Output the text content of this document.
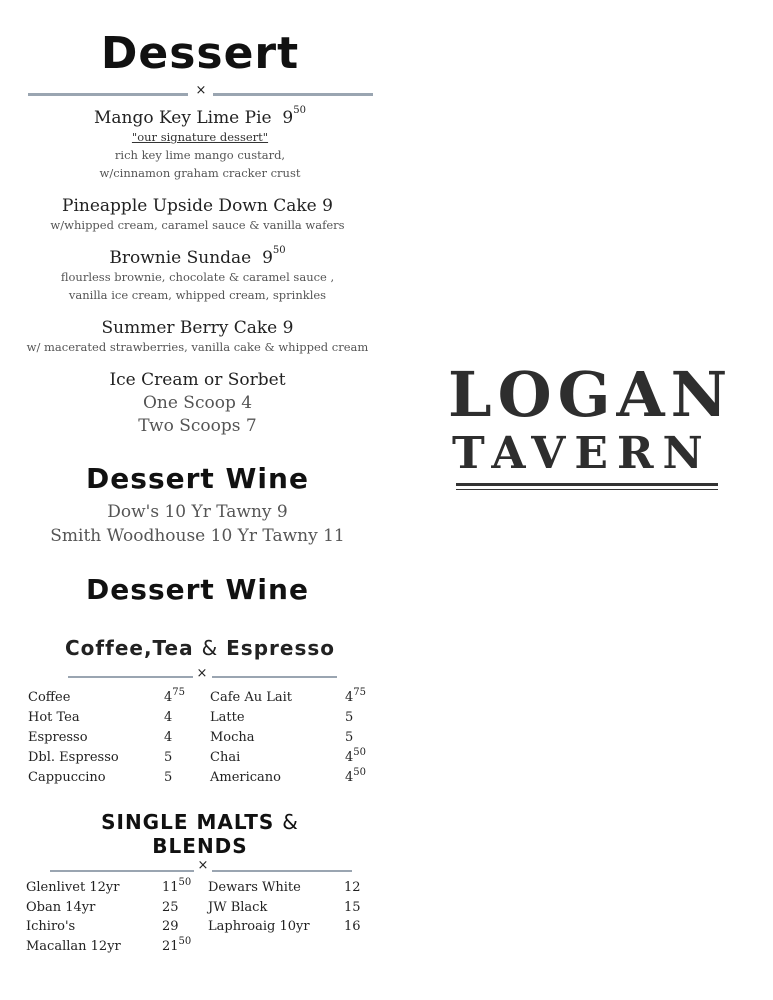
Dessert
×
Mango Key Lime Pie $9^{50}$
"our signature dessert"
rich key lime mango custard,
w/cinnamon graham cracker crust
Pineapple Upside Down Cake 9
w/whipped cream, caramel sauce & vanilla wafers
Brownie Sundae $9^{50}$
flourless brownie, chocolate & caramel sauce ,
vanilla ice cream, whipped cream, sprinkles
Summer Berry Cake 9
w/ macerated strawberries, vanilla cake & whipped cream
Ice Cream or Sorbet
One Scoop 4
Two Scoops 7
Dessert Wine
Dow's 10 Yr Tawny 9
Smith Woodhouse 10 Yr Tawny 11
Dessert Wine
Coffee,Tea & Espresso
×
Coffee	$4^{75}$
Hot Tea	4
Espresso	4
Dbl. Espresso	5
Cappuccino	5
Cafe Au Lait	$4^{75}$
Latte	5
Mocha	5
Chai	$4^{50}$
Americano	$4^{50}$
SINGLE MALTS &
BLENDS
×
Glenlivet 12yr	$11^{50}$
Oban 14yr	25
Ichiro's	29
Macallan 12yr	$21^{50}$
Dewars White	12
JW Black	15
Laphroaig 10yr	16
LOGAN
TAVERN
